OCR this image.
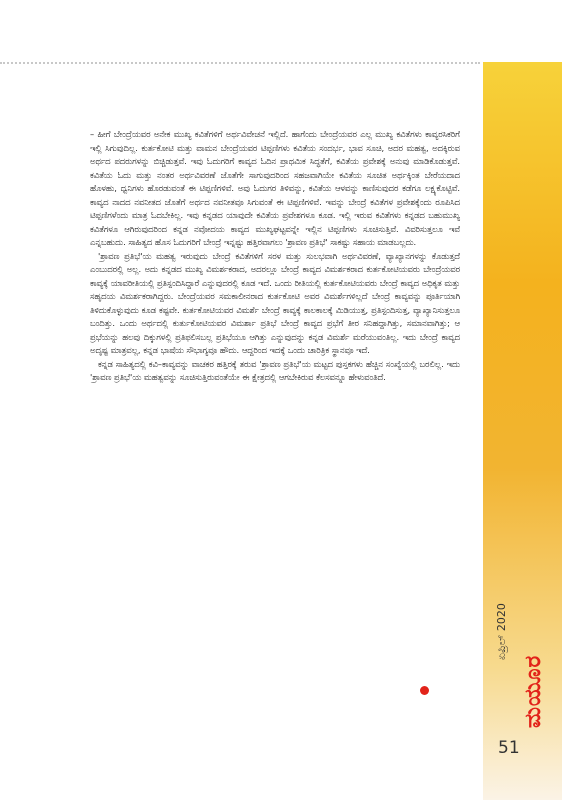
ಏಪ್ರಿಲ್ 2020
ಮಯೂರ
51

– ಹೀಗೆ ಬೇಂದ್ರೆಯವರ ಅನೇಕ ಮುಖ್ಯ ಕವಿತೆಗಳಿಗೆ ಅರ್ಥವಿವೇಚನೆ ಇಲ್ಲಿದೆ. ಹಾಗೆಂದು ಬೇಂದ್ರೆಯವರ ಎಲ್ಲ ಮುಖ್ಯ ಕವಿತೆಗಳು ಕಾವ್ಯರಸಿಕರಿಗೆ ಇಲ್ಲಿ ಸಿಗುವುದಿಲ್ಲ. ಕುರ್ತಕೋಟಿ ಮತ್ತು ವಾಮನ ಬೇಂದ್ರೆಯವರ ಟಿಪ್ಪಣಿಗಳು ಕವಿತೆಯ ಸಂದರ್ಭ, ಭಾವ ಸೂಚಿ, ಅದರ ಮಹತ್ವ, ಅದಕ್ಕಿರುವ ಅರ್ಥದ ಪದರುಗಳನ್ನು ಬಿಚ್ಚಿಡುತ್ತವೆ. ಇವು ಓದುಗರಿಗೆ ಕಾವ್ಯದ ಓದಿನ ಪ್ರಾಥಮಿಕ ಸಿದ್ಧತೆಗೆ, ಕವಿತೆಯ ಪ್ರವೇಶಕ್ಕೆ ಅನುವು ಮಾಡಿಕೊಡುತ್ತವೆ. ಕವಿತೆಯ ಓದು ಮತ್ತು ನಂತರ ಅರ್ಥವಿವರಣೆ ಜೊತೆಗೇ ಸಾಗುವುದರಿಂದ ಸಹಜವಾಗಿಯೇ ಕವಿತೆಯ ಸೂಚಿತ ಅರ್ಥಕ್ಕಿಂತ ಬೇರೆಯದಾದ ಹೊಳಹು, ಧ್ವನಿಗಳು ಹೊರಡುವಂತೆ ಈ ಟಿಪ್ಪಣಿಗಳಿವೆ. ಅವು ಓದುಗರ ತಿಳಿವನ್ನು, ಕವಿತೆಯ ಆಳವನ್ನು ಕಾಣಿಸುವುದರ ಕಡೆಗೂ ಲಕ್ಷ್ಯಕೊಟ್ಟಿವೆ. ಕಾವ್ಯದ ನಾದದ ನವನೀತದ ಜೊತೆಗೆ ಅರ್ಥದ ನವನೀತವೂ ಸಿಗುವಂತೆ ಈ ಟಿಪ್ಪಣಿಗಳಿವೆ. ಇವನ್ನು ಬೇಂದ್ರೆ ಕವಿತೆಗಳ ಪ್ರವೇಶಕ್ಕೆಂದು ರೂಪಿಸಿದ ಟಿಪ್ಪಣಿಗಳೆಂದು ಮಾತ್ರ ಓದಬೇಕಿಲ್ಲ. ಇವು ಕನ್ನಡದ ಯಾವುದೇ ಕವಿತೆಯ ಪ್ರವೇಶಗಳೂ ಕೂಡ. ಇಲ್ಲಿ ಇರುವ ಕವಿತೆಗಳು ಕನ್ನಡದ ಬಹುಮುಖ್ಯ ಕವಿತೆಗಳೂ ಆಗಿರುವುದರಿಂದ ಕನ್ನಡ ನವೋದಯ ಕಾವ್ಯದ ಮುಖ್ಯಘಟ್ಟವನ್ನೇ ಇಲ್ಲಿನ ಟಿಪ್ಪಣಿಗಳು ಸೂಚಿಸುತ್ತಿವೆ. ವಿವರಿಸುತ್ತಲೂ ಇವೆ ಎನ್ನಬಹುದು. ಸಾಹಿತ್ಯದ ಹೊಸ ಓದುಗರಿಗೆ ಬೇಂದ್ರೆ ಇನ್ನಷ್ಟು ಹತ್ತಿರವಾಗಲು 'ಶ್ರಾವಣ ಪ್ರತಿಭೆ' ಸಾಕಷ್ಟು ಸಹಾಯ ಮಾಡಬಲ್ಲದು.

'ಶ್ರಾವಣ ಪ್ರತಿಭೆ'ಯ ಮಹತ್ವ ಇರುವುದು ಬೇಂದ್ರೆ ಕವಿತೆಗಳಿಗೆ ಸರಳ ಮತ್ತು ಸುಲಭವಾಗಿ ಅರ್ಥವಿವರಣೆ, ವ್ಯಾಖ್ಯಾನಗಳನ್ನು ಕೊಡುತ್ತದೆ ಎಂಬುದರಲ್ಲಿ ಅಲ್ಲ. ಅದು ಕನ್ನಡದ ಮುಖ್ಯ ವಿಮರ್ಶಕರಾದ, ಅದರಲ್ಲೂ ಬೇಂದ್ರೆ ಕಾವ್ಯದ ವಿಮರ್ಶಕರಾದ ಕುರ್ತಕೋಟಿಯವರು ಬೇಂದ್ರೆಯವರ ಕಾವ್ಯಕ್ಕೆ ಯಾವರೀತಿಯಲ್ಲಿ ಪ್ರತಿಸ್ಪಂದಿಸಿದ್ದಾರೆ ಎನ್ನುವುದರಲ್ಲಿ ಕೂಡ ಇದೆ. ಒಂದು ರೀತಿಯಲ್ಲಿ ಕುರ್ತಕೋಟಿಯವರು ಬೇಂದ್ರೆ ಕಾವ್ಯದ ಅಧಿಕೃತ ಮತ್ತು ಸಹೃದಯ ವಿಮರ್ಶಕರಾಗಿದ್ದರು. ಬೇಂದ್ರೆಯವರ ಸಮಕಾಲೀನರಾದ ಕುರ್ತಕೋಟಿ ಅವರ ವಿಮರ್ಶೆಗಳಿಲ್ಲದೆ ಬೇಂದ್ರೆ ಕಾವ್ಯವನ್ನು ಪೂರ್ತಿಯಾಗಿ ತಿಳಿದುಕೊಳ್ಳುವುದು ಕೂಡ ಕಷ್ಟವೇ. ಕುರ್ತಕೋಟಿಯವರ ವಿಮರ್ಶೆ ಬೇಂದ್ರೆ ಕಾವ್ಯಕ್ಕೆ ಕಾಲಕಾಲಕ್ಕೆ ಮಿಡಿಯುತ್ತ, ಪ್ರತಿಸ್ಪಂದಿಸುತ್ತ, ವ್ಯಾಖ್ಯಾನಿಸುತ್ತಲೂ ಬಂದಿತ್ತು. ಒಂದು ಅರ್ಥದಲ್ಲಿ ಕುರ್ತುಕೋಟಿಯವರ ವಿಮರ್ಶಾ ಪ್ರತಿಭೆ ಬೇಂದ್ರೆ ಕಾವ್ಯದ ಪ್ರಭೆಗೆ ತೀರ ಸನಿಹದ್ದಾಗಿತ್ತು, ಸಮಾನವಾಗಿತ್ತು; ಆ ಪ್ರಭೆಯನ್ನು ಹಲವು ದಿಕ್ಕುಗಳಲ್ಲಿ ಪ್ರತಿಫಲಿಸಬಲ್ಲ ಪ್ರತಿಭೆಯೂ ಆಗಿತ್ತು ಎನ್ನುವುದನ್ನು ಕನ್ನಡ ವಿಮರ್ಶೆ ಮರೆಯುವಂತಿಲ್ಲ. ಇದು ಬೇಂದ್ರೆ ಕಾವ್ಯದ ಅದೃಷ್ಟ ಮಾತ್ರವಲ್ಲ, ಕನ್ನಡ ಭಾಷೆಯ ಸೌಭಾಗ್ಯವೂ ಹೌದು. ಆದ್ದರಿಂದ ಇದಕ್ಕೆ ಒಂದು ಚಾರಿತ್ರಿಕ ಸ್ಥಾನವೂ ಇದೆ.

ಕನ್ನಡ ಸಾಹಿತ್ಯದಲ್ಲಿ ಕವಿ–ಕಾವ್ಯವನ್ನು ವಾಚಕರ ಹತ್ತಿರಕ್ಕೆ ತರುವ 'ಶ್ರಾವಣ ಪ್ರತಿಭೆ'ಯ ಮಟ್ಟದ ಪುಸ್ತಕಗಳು ಹೆಚ್ಚಿನ ಸಂಖ್ಯೆಯಲ್ಲಿ ಬರಲಿಲ್ಲ. ಇದು 'ಶ್ರಾವಣ ಪ್ರತಿಭೆ'ಯ ಮಹತ್ವವನ್ನು ಸೂಚಿಸುತ್ತಿರುವಂತೆಯೇ ಈ ಕ್ಷೇತ್ರದಲ್ಲಿ ಆಗಬೇಕಿರುವ ಕೆಲಸವನ್ನೂ ಹೇಳುವಂತಿದೆ.
